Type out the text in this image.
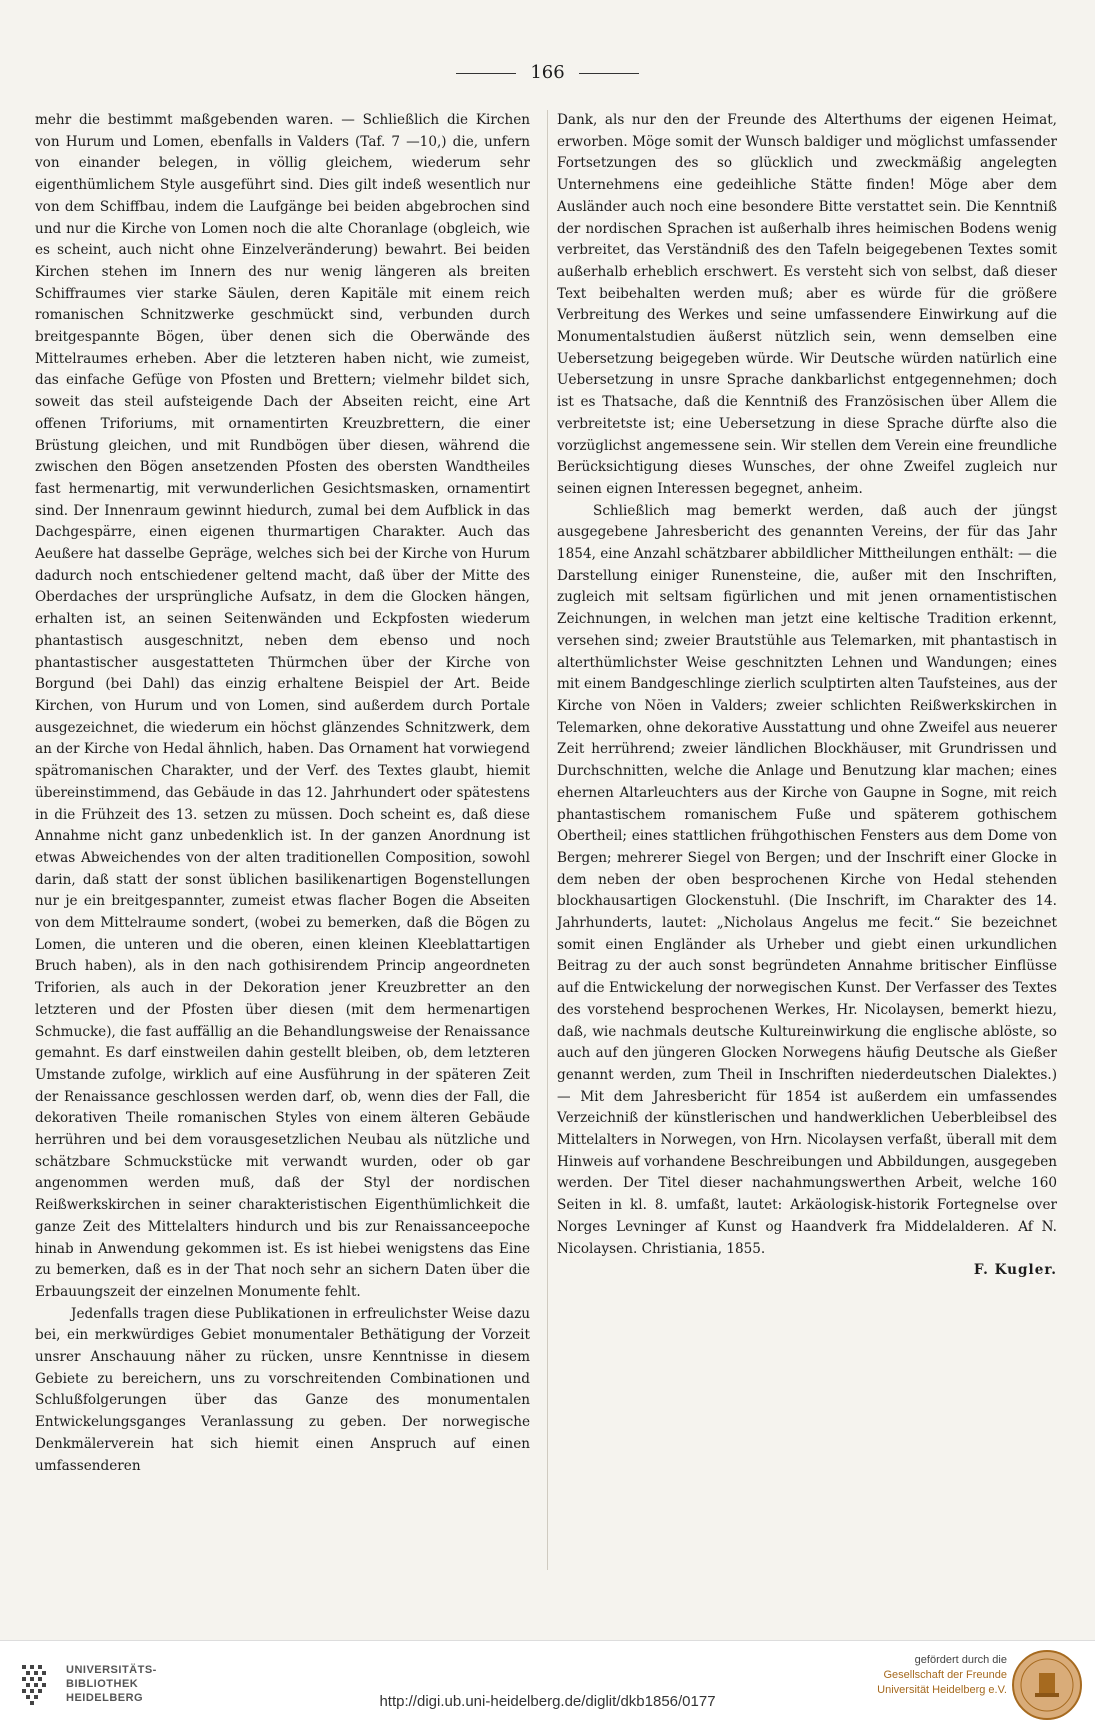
166

mehr die bestimmt maßgebenden waren. — Schließlich die Kirchen von Hurum und Lomen, ebenfalls in Valders (Taf. 7 —10,) die, unfern von einander belegen, in völlig gleichem, wiederum sehr eigenthümlichem Style ausgeführt sind. Dies gilt indeß wesentlich nur von dem Schiffbau, indem die Laufgänge bei beiden abgebrochen sind und nur die Kirche von Lomen noch die alte Choranlage (obgleich, wie es scheint, auch nicht ohne Einzelveränderung) bewahrt. Bei beiden Kirchen stehen im Innern des nur wenig längeren als breiten Schiffraumes vier starke Säulen, deren Kapitäle mit einem reich romanischen Schnitzwerke geschmückt sind, verbunden durch breitgespannte Bögen, über denen sich die Oberwände des Mittelraumes erheben. Aber die letzteren haben nicht, wie zumeist, das einfache Gefüge von Pfosten und Brettern; vielmehr bildet sich, soweit das steil aufsteigende Dach der Abseiten reicht, eine Art offenen Triforiums, mit ornamentirten Kreuzbrettern, die einer Brüstung gleichen, und mit Rundbögen über diesen, während die zwischen den Bögen ansetzenden Pfosten des obersten Wandtheiles fast hermenartig, mit verwunderlichen Gesichtsmasken, ornamentirt sind. Der Innenraum gewinnt hiedurch, zumal bei dem Aufblick in das Dachgespärre, einen eigenen thurmartigen Charakter. Auch das Aeußere hat dasselbe Gepräge, welches sich bei der Kirche von Hurum dadurch noch entschiedener geltend macht, daß über der Mitte des Oberdaches der ursprüngliche Aufsatz, in dem die Glocken hängen, erhalten ist, an seinen Seitenwänden und Eckpfosten wiederum phantastisch ausgeschnitzt, neben dem ebenso und noch phantastischer ausgestatteten Thürmchen über der Kirche von Borgund (bei Dahl) das einzig erhaltene Beispiel der Art. Beide Kirchen, von Hurum und von Lomen, sind außerdem durch Portale ausgezeichnet, die wiederum ein höchst glänzendes Schnitzwerk, dem an der Kirche von Hedal ähnlich, haben. Das Ornament hat vorwiegend spätromanischen Charakter, und der Verf. des Textes glaubt, hiemit übereinstimmend, das Gebäude in das 12. Jahrhundert oder spätestens in die Frühzeit des 13. setzen zu müssen. Doch scheint es, daß diese Annahme nicht ganz unbedenklich ist. In der ganzen Anordnung ist etwas Abweichendes von der alten traditionellen Composition, sowohl darin, daß statt der sonst üblichen basilikenartigen Bogenstellungen nur je ein breitgespannter, zumeist etwas flacher Bogen die Abseiten von dem Mittelraume sondert, (wobei zu bemerken, daß die Bögen zu Lomen, die unteren und die oberen, einen kleinen Kleeblattartigen Bruch haben), als in den nach gothisirendem Princip angeordneten Triforien, als auch in der Dekoration jener Kreuzbretter an den letzteren und der Pfosten über diesen (mit dem hermenartigen Schmucke), die fast auffällig an die Behandlungsweise der Renaissance gemahnt. Es darf einstweilen dahin gestellt bleiben, ob, dem letzteren Umstande zufolge, wirklich auf eine Ausführung in der späteren Zeit der Renaissance geschlossen werden darf, ob, wenn dies der Fall, die dekorativen Theile romanischen Styles von einem älteren Gebäude herrühren und bei dem vorausgesetzlichen Neubau als nützliche und schätzbare Schmuckstücke mit verwandt wurden, oder ob gar angenommen werden muß, daß der Styl der nordischen Reißwerkskirchen in seiner charakteristischen Eigenthümlichkeit die ganze Zeit des Mittelalters hindurch und bis zur Renaissanceepoche hinab in Anwendung gekommen ist. Es ist hiebei wenigstens das Eine zu bemerken, daß es in der That noch sehr an sichern Daten über die Erbauungszeit der einzelnen Monumente fehlt.

Jedenfalls tragen diese Publikationen in erfreulichster Weise dazu bei, ein merkwürdiges Gebiet monumentaler Bethätigung der Vorzeit unsrer Anschauung näher zu rücken, unsre Kenntnisse in diesem Gebiete zu bereichern, uns zu vorschreitenden Combinationen und Schlußfolgerungen über das Ganze des monumentalen Entwickelungsganges Veranlassung zu geben. Der norwegische Denkmälerverein hat sich hiemit einen Anspruch auf einen umfassenderen

Dank, als nur den der Freunde des Alterthums der eigenen Heimat, erworben. Möge somit der Wunsch baldiger und möglichst umfassender Fortsetzungen des so glücklich und zweckmäßig angelegten Unternehmens eine gedeihliche Stätte finden! Möge aber dem Ausländer auch noch eine besondere Bitte verstattet sein. Die Kenntniß der nordischen Sprachen ist außerhalb ihres heimischen Bodens wenig verbreitet, das Verständniß des den Tafeln beigegebenen Textes somit außerhalb erheblich erschwert. Es versteht sich von selbst, daß dieser Text beibehalten werden muß; aber es würde für die größere Verbreitung des Werkes und seine umfassendere Einwirkung auf die Monumentalstudien äußerst nützlich sein, wenn demselben eine Uebersetzung beigegeben würde. Wir Deutsche würden natürlich eine Uebersetzung in unsre Sprache dankbarlichst entgegennehmen; doch ist es Thatsache, daß die Kenntniß des Französischen über Allem die verbreitetste ist; eine Uebersetzung in diese Sprache dürfte also die vorzüglichst angemessene sein. Wir stellen dem Verein eine freundliche Berücksichtigung dieses Wunsches, der ohne Zweifel zugleich nur seinen eignen Interessen begegnet, anheim.

Schließlich mag bemerkt werden, daß auch der jüngst ausgegebene Jahresbericht des genannten Vereins, der für das Jahr 1854, eine Anzahl schätzbarer abbildlicher Mittheilungen enthält: — die Darstellung einiger Runensteine, die, außer mit den Inschriften, zugleich mit seltsam figürlichen und mit jenen ornamentistischen Zeichnungen, in welchen man jetzt eine keltische Tradition erkennt, versehen sind; zweier Brautstühle aus Telemarken, mit phantastisch in alterthümlichster Weise geschnitzten Lehnen und Wandungen; eines mit einem Bandgeschlinge zierlich sculptirten alten Taufsteines, aus der Kirche von Nöen in Valders; zweier schlichten Reißwerkskirchen in Telemarken, ohne dekorative Ausstattung und ohne Zweifel aus neuerer Zeit herrührend; zweier ländlichen Blockhäuser, mit Grundrissen und Durchschnitten, welche die Anlage und Benutzung klar machen; eines ehernen Altarleuchters aus der Kirche von Gaupne in Sogne, mit reich phantastischem romanischem Fuße und späterem gothischem Obertheil; eines stattlichen frühgothischen Fensters aus dem Dome von Bergen; mehrerer Siegel von Bergen; und der Inschrift einer Glocke in dem neben der oben besprochenen Kirche von Hedal stehenden blockhausartigen Glockenstuhl. (Die Inschrift, im Charakter des 14. Jahrhunderts, lautet: „Nicholaus Angelus me fecit.“ Sie bezeichnet somit einen Engländer als Urheber und giebt einen urkundlichen Beitrag zu der auch sonst begründeten Annahme britischer Einflüsse auf die Entwickelung der norwegischen Kunst. Der Verfasser des Textes des vorstehend besprochenen Werkes, Hr. Nicolaysen, bemerkt hiezu, daß, wie nachmals deutsche Kultureinwirkung die englische ablöste, so auch auf den jüngeren Glocken Norwegens häufig Deutsche als Gießer genannt werden, zum Theil in Inschriften niederdeutschen Dialektes.) — Mit dem Jahresbericht für 1854 ist außerdem ein umfassendes Verzeichniß der künstlerischen und handwerklichen Ueberbleibsel des Mittelalters in Norwegen, von Hrn. Nicolaysen verfaßt, überall mit dem Hinweis auf vorhandene Beschreibungen und Abbildungen, ausgegeben werden. Der Titel dieser nachahmungswerthen Arbeit, welche 160 Seiten in kl. 8. umfaßt, lautet: Arkäologisk-historik Fortegnelse over Norges Levninger af Kunst og Haandverk fra Middelalderen. Af N. Nicolaysen. Christiania, 1855.

F. Kugler.

UNIVERSITÄTS-
BIBLIOTHEK
HEIDELBERG	http://digi.ub.uni-heidelberg.de/diglit/dkb1856/0177
gefördert durch die
Gesellschaft der Freunde
Universität Heidelberg e.V.
